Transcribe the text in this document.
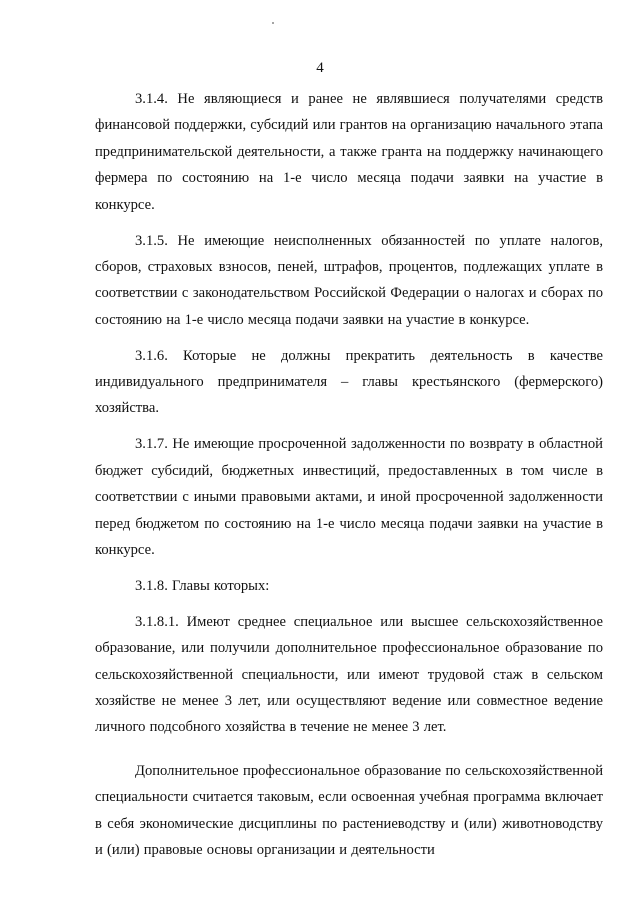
4

3.1.4. Не являющиеся и ранее не являвшиеся получателями средств финансовой поддержки, субсидий или грантов на организацию начального этапа предпринимательской деятельности, а также гранта на поддержку начинающего фермера по состоянию на 1-е число месяца подачи заявки на участие в конкурсе.

3.1.5. Не имеющие неисполненных обязанностей по уплате налогов, сборов, страховых взносов, пеней, штрафов, процентов, подлежащих уплате в соответствии с законодательством Российской Федерации о налогах и сборах по состоянию на 1-е число месяца подачи заявки на участие в конкурсе.

3.1.6. Которые не должны прекратить деятельность в качестве индивидуального предпринимателя – главы крестьянского (фермерского) хозяйства.

3.1.7. Не имеющие просроченной задолженности по возврату в областной бюджет субсидий, бюджетных инвестиций, предоставленных в том числе в соответствии с иными правовыми актами, и иной просроченной задолженности перед бюджетом по состоянию на 1-е число месяца подачи заявки на участие в конкурсе.

3.1.8. Главы которых:

3.1.8.1. Имеют среднее специальное или высшее сельскохозяйственное образование, или получили дополнительное профессиональное образование по сельскохозяйственной специальности, или имеют трудовой стаж в сельском хозяйстве не менее 3 лет, или осуществляют ведение или совместное ведение личного подсобного хозяйства в течение не менее 3 лет.

Дополнительное профессиональное образование по сельскохозяйственной специальности считается таковым, если освоенная учебная программа включает в себя экономические дисциплины по растениеводству и (или) животноводству и (или) правовые основы организации и деятельности
